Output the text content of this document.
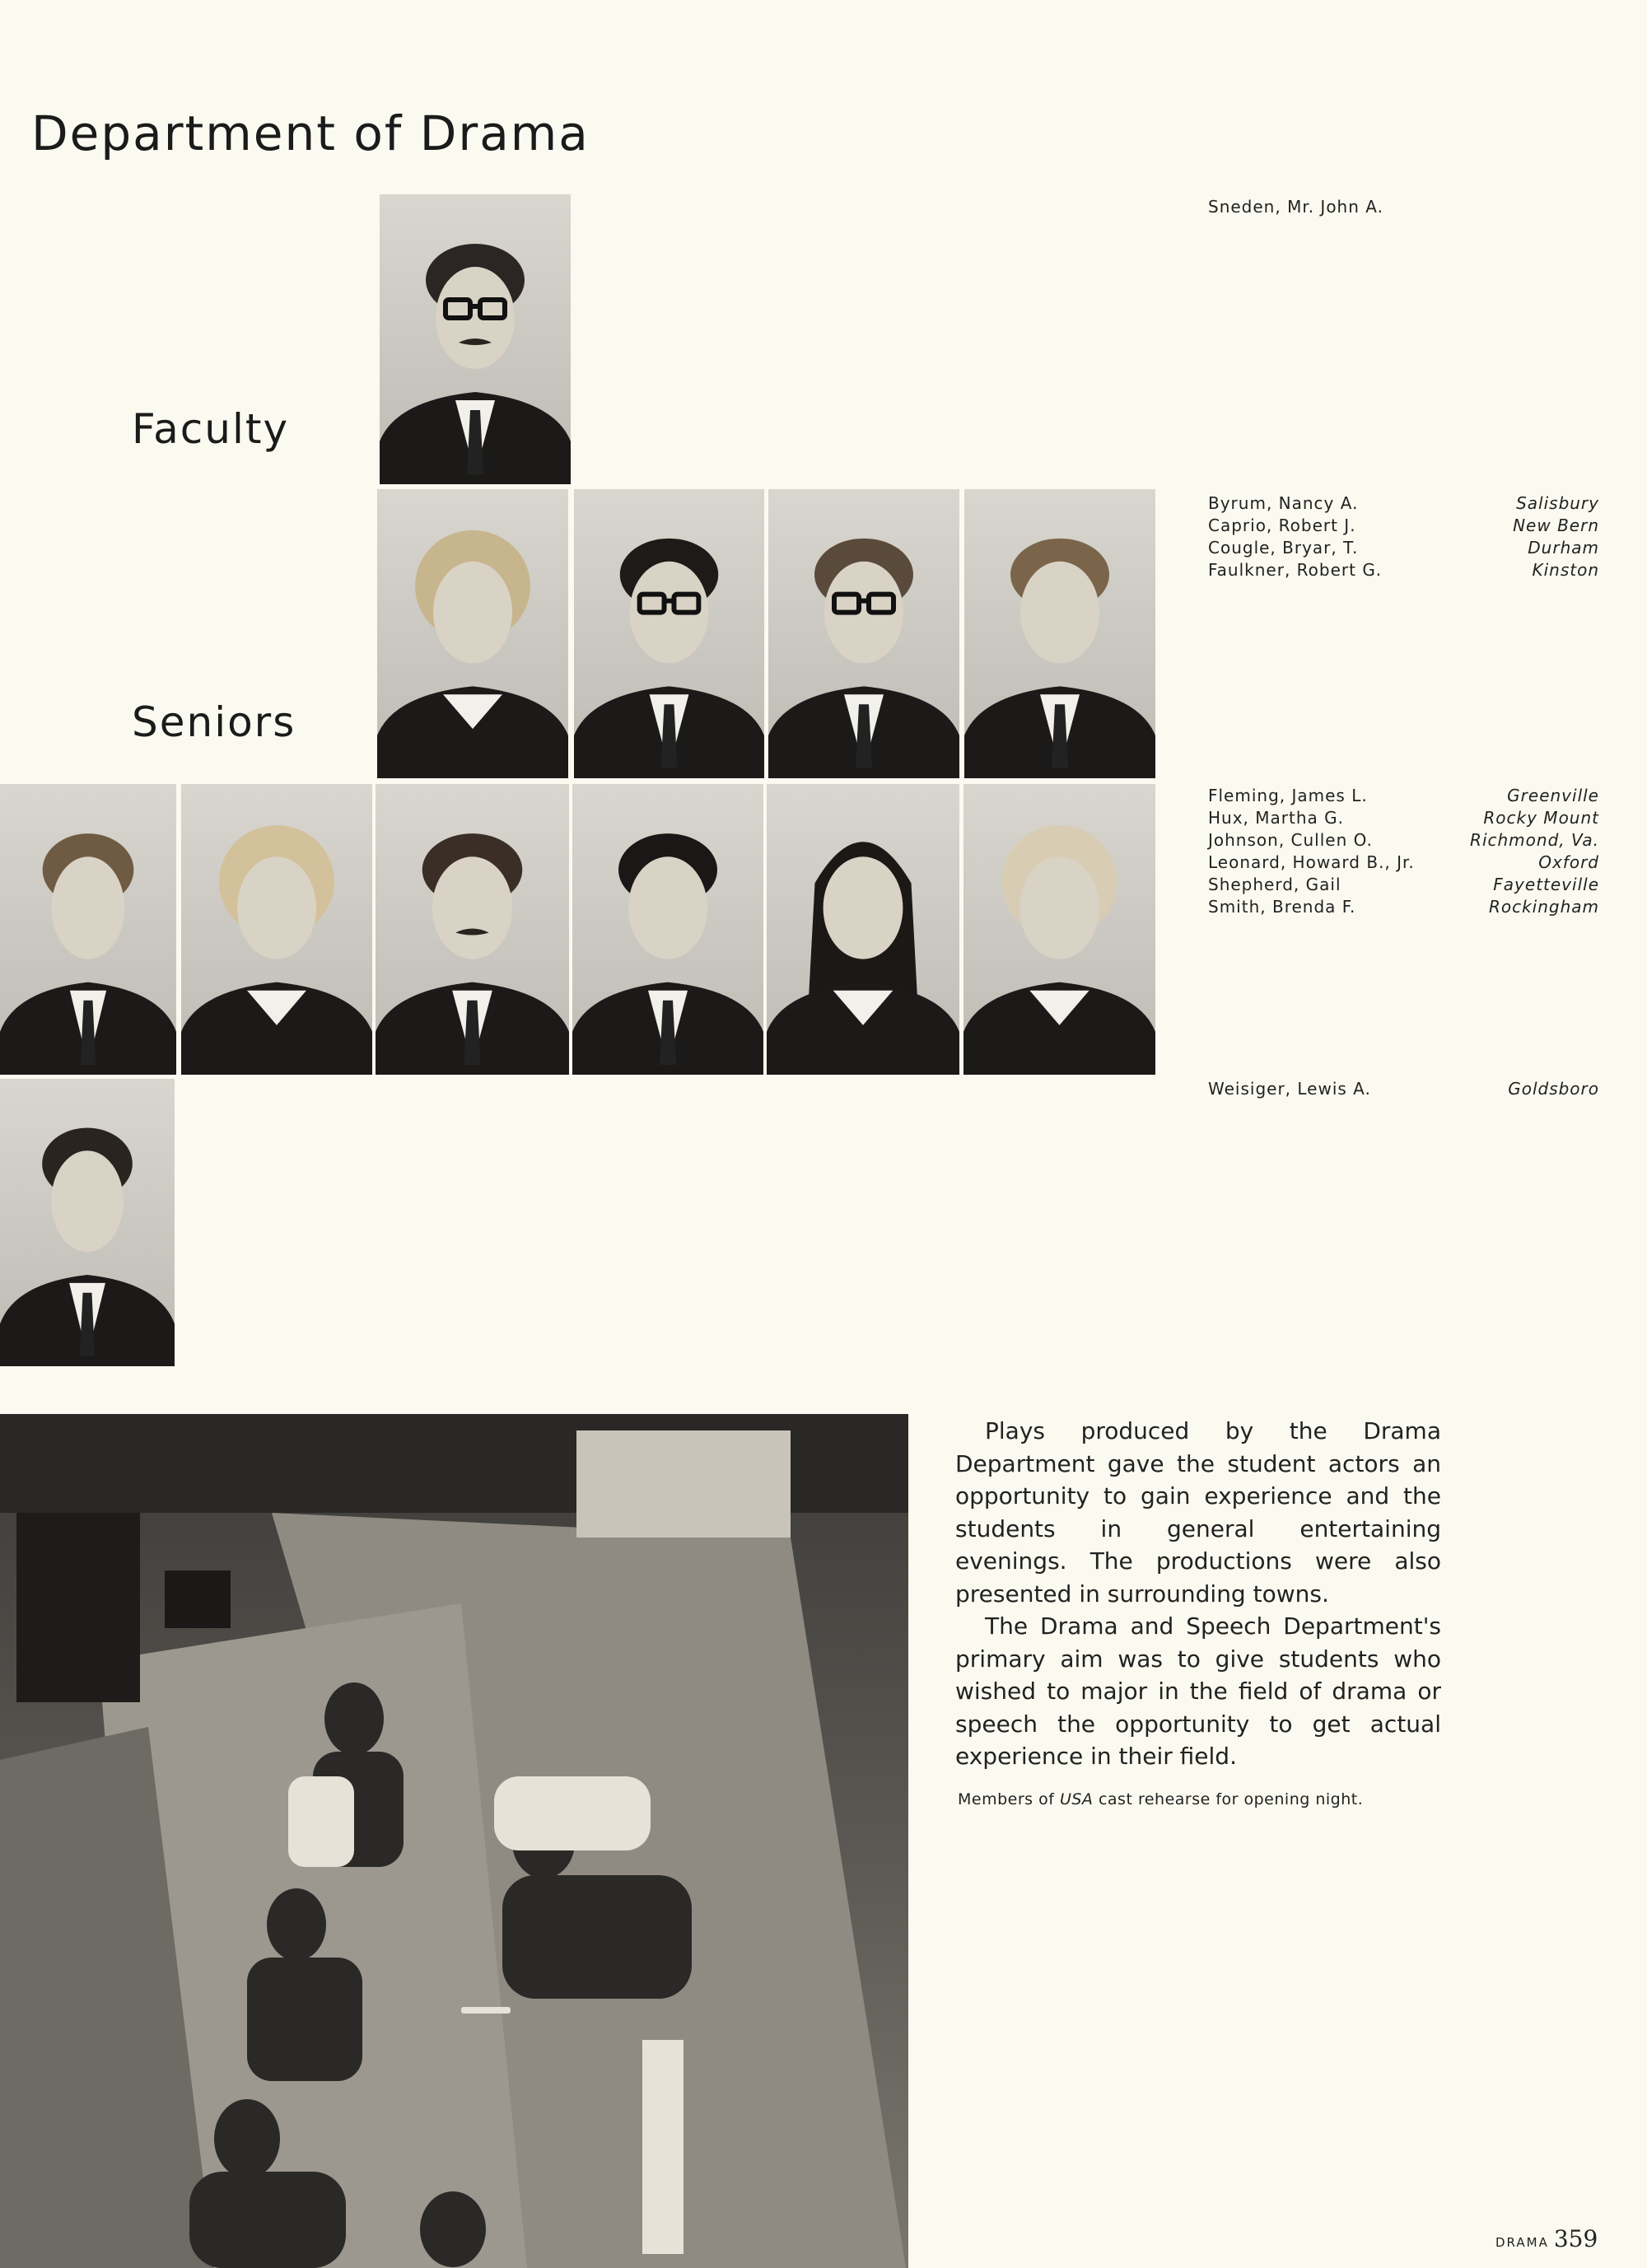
Department of Drama
Faculty
Seniors
Sneden, Mr. John A.
Byrum, Nancy A.	Salisbury
Caprio, Robert J.	New Bern
Cougle, Bryar, T.	Durham
Faulkner, Robert G.	Kinston
Fleming, James L.	Greenville
Hux, Martha G.	Rocky Mount
Johnson, Cullen O.	Richmond, Va.
Leonard, Howard B., Jr.	Oxford
Shepherd, Gail	Fayetteville
Smith, Brenda F.	Rockingham
Weisiger, Lewis A.	Goldsboro

Plays produced by the Drama Department gave the student actors an opportunity to gain experience and the students in general entertaining evenings. The productions were also presented in surrounding towns.

The Drama and Speech Department's primary aim was to give students who wished to major in the field of drama or speech the opportunity to get actual experience in their field.

Members of USA cast rehearse for opening night.
DRAMA 359
